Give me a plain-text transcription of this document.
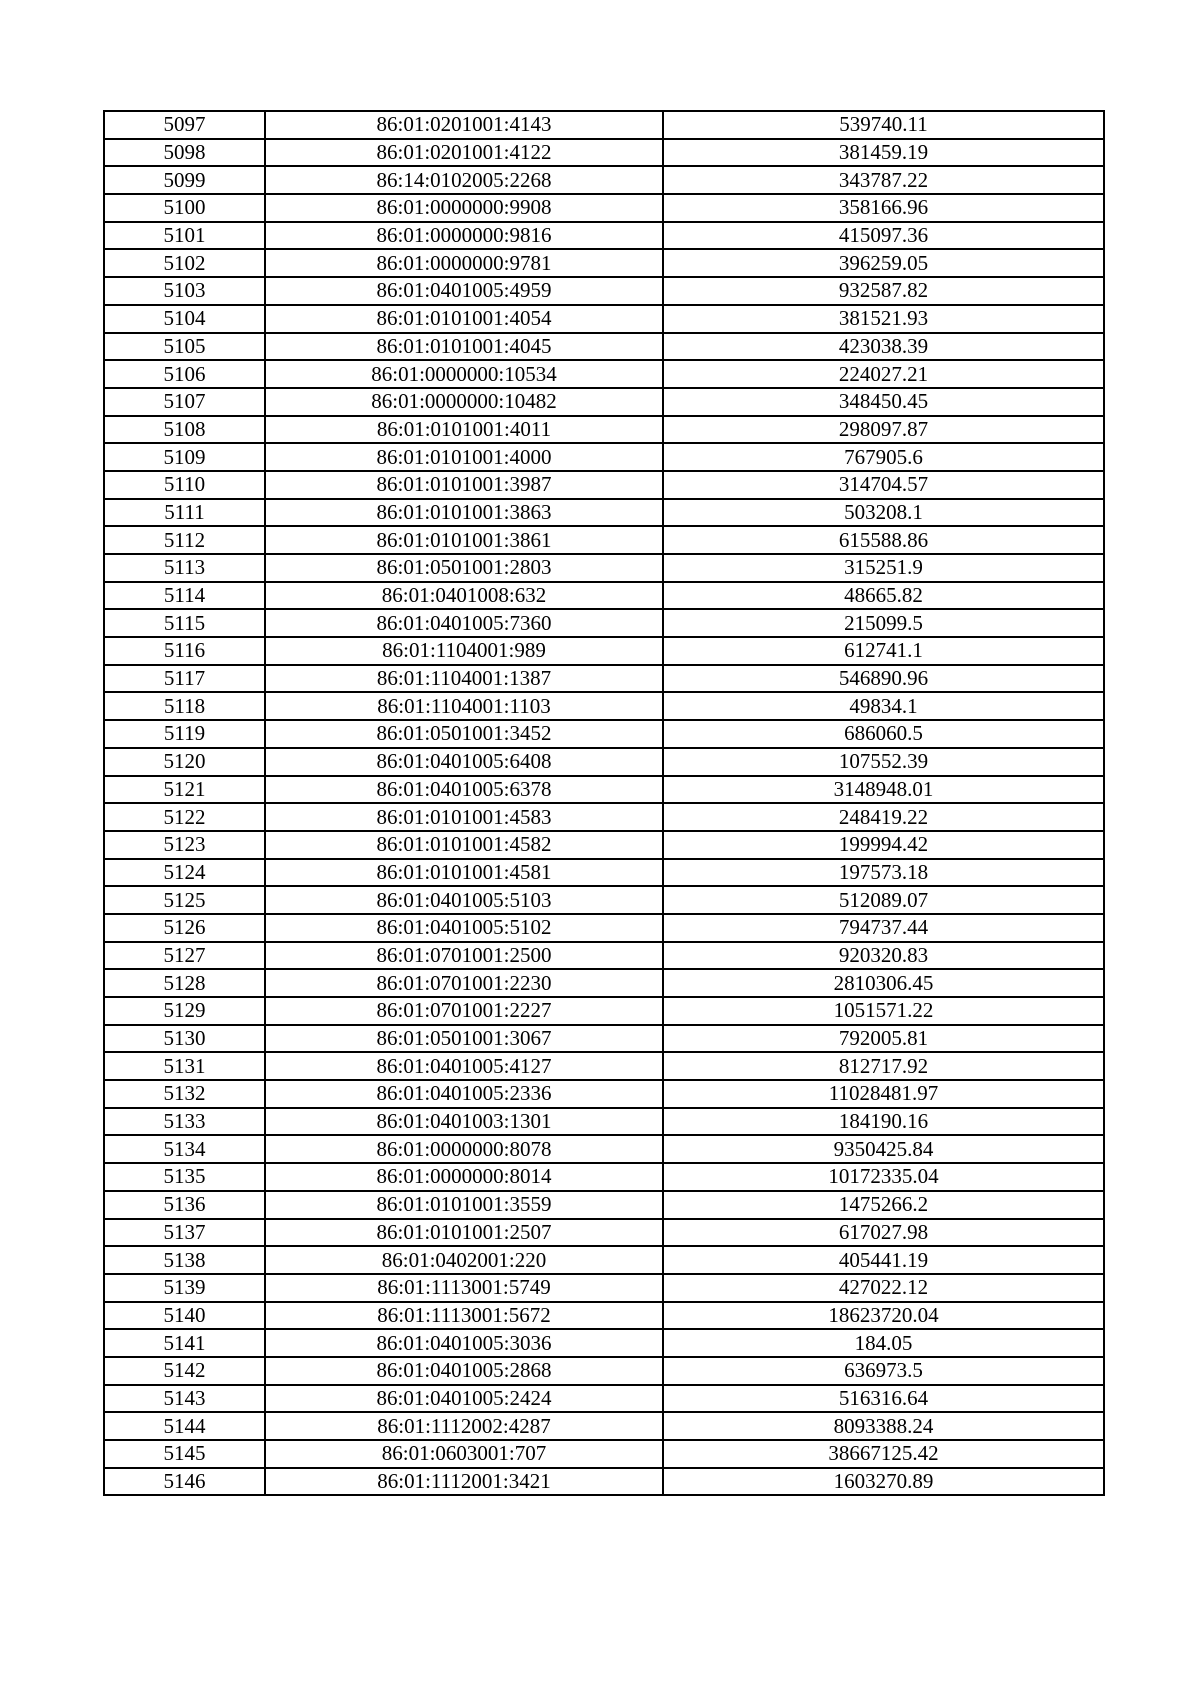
5097	86:01:0201001:4143	539740.11
5098	86:01:0201001:4122	381459.19
5099	86:14:0102005:2268	343787.22
5100	86:01:0000000:9908	358166.96
5101	86:01:0000000:9816	415097.36
5102	86:01:0000000:9781	396259.05
5103	86:01:0401005:4959	932587.82
5104	86:01:0101001:4054	381521.93
5105	86:01:0101001:4045	423038.39
5106	86:01:0000000:10534	224027.21
5107	86:01:0000000:10482	348450.45
5108	86:01:0101001:4011	298097.87
5109	86:01:0101001:4000	767905.6
5110	86:01:0101001:3987	314704.57
5111	86:01:0101001:3863	503208.1
5112	86:01:0101001:3861	615588.86
5113	86:01:0501001:2803	315251.9
5114	86:01:0401008:632	48665.82
5115	86:01:0401005:7360	215099.5
5116	86:01:1104001:989	612741.1
5117	86:01:1104001:1387	546890.96
5118	86:01:1104001:1103	49834.1
5119	86:01:0501001:3452	686060.5
5120	86:01:0401005:6408	107552.39
5121	86:01:0401005:6378	3148948.01
5122	86:01:0101001:4583	248419.22
5123	86:01:0101001:4582	199994.42
5124	86:01:0101001:4581	197573.18
5125	86:01:0401005:5103	512089.07
5126	86:01:0401005:5102	794737.44
5127	86:01:0701001:2500	920320.83
5128	86:01:0701001:2230	2810306.45
5129	86:01:0701001:2227	1051571.22
5130	86:01:0501001:3067	792005.81
5131	86:01:0401005:4127	812717.92
5132	86:01:0401005:2336	11028481.97
5133	86:01:0401003:1301	184190.16
5134	86:01:0000000:8078	9350425.84
5135	86:01:0000000:8014	10172335.04
5136	86:01:0101001:3559	1475266.2
5137	86:01:0101001:2507	617027.98
5138	86:01:0402001:220	405441.19
5139	86:01:1113001:5749	427022.12
5140	86:01:1113001:5672	18623720.04
5141	86:01:0401005:3036	184.05
5142	86:01:0401005:2868	636973.5
5143	86:01:0401005:2424	516316.64
5144	86:01:1112002:4287	8093388.24
5145	86:01:0603001:707	38667125.42
5146	86:01:1112001:3421	1603270.89
